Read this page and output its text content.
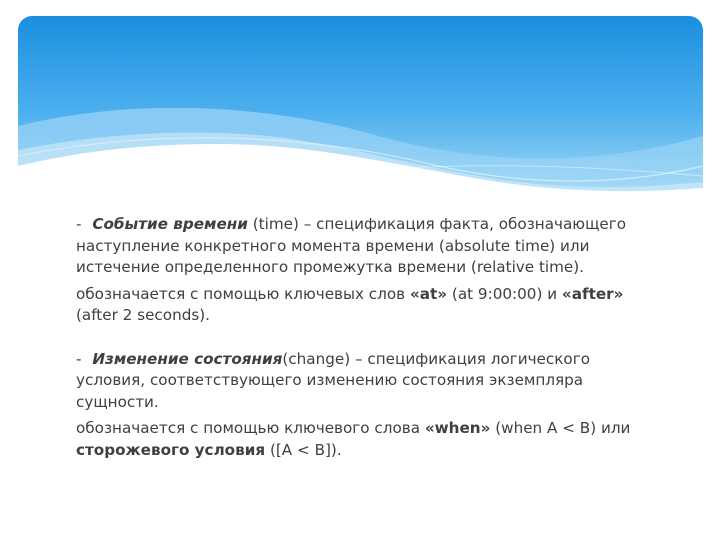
- Событие времени (time) – спецификация факта, обозначающего наступление конкретного момента времени (absolute time) или истечение определенного промежутка времени (relative time).

обозначается с помощью ключевых слов «at» (at 9:00:00) и «after» (after 2 seconds).

- Изменение состояния(change) – спецификация логического условия, соответствующего изменению состояния экземпляра сущности.

обозначается с помощью ключевого слова «when» (when A < B) или сторожевого условия ([A < B]).
